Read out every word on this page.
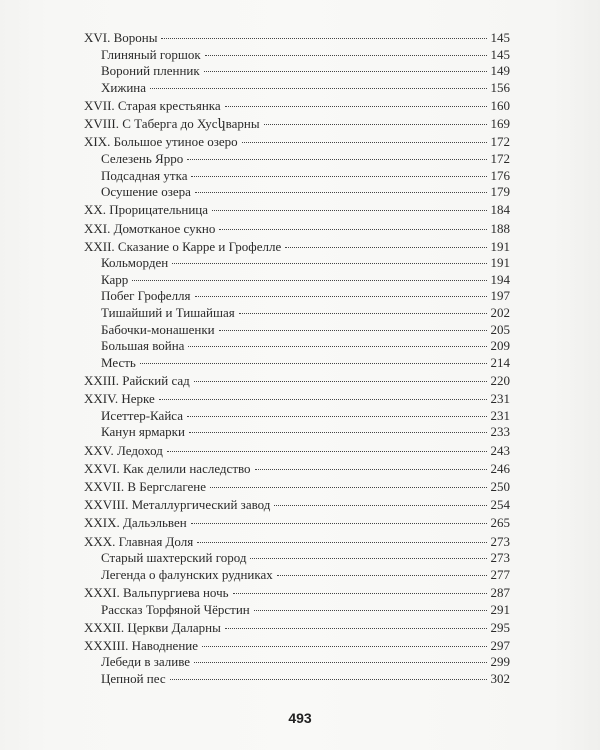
XVI. Вороны	145
Глиняный горшок	145
Вороний пленник	149
Хижина	156
XVII. Старая крестьянка	160
XVIII. С Таберга до Хусկварны	169
XIX. Большое утиное озеро	172
Селезень Ярро	172
Подсадная утка	176
Осушение озера	179
XX. Прорицательница	184
XXI. Домотканое сукно	188
XXII. Сказание о Карре и Грофелле	191
Кольморден	191
Карр	194
Побег Грофелля	197
Тишайший и Тишайшая	202
Бабочки-монашенки	205
Большая война	209
Месть	214
XXIII. Райский сад	220
XXIV. Нерке	231
Исеттер-Кайса	231
Канун ярмарки	233
XXV. Ледоход	243
XXVI. Как делили наследство	246
XXVII. В Бергслагене	250
XXVIII. Металлургический завод	254
XXIX. Дальэльвен	265
XXX. Главная Доля	273
Старый шахтерский город	273
Легенда о фалунских рудниках	277
XXXI. Вальпургиева ночь	287
Рассказ Торфяной Чёрстин	291
XXXII. Церкви Даларны	295
XXXIII. Наводнение	297
Лебеди в заливе	299
Цепной пес	302
493
